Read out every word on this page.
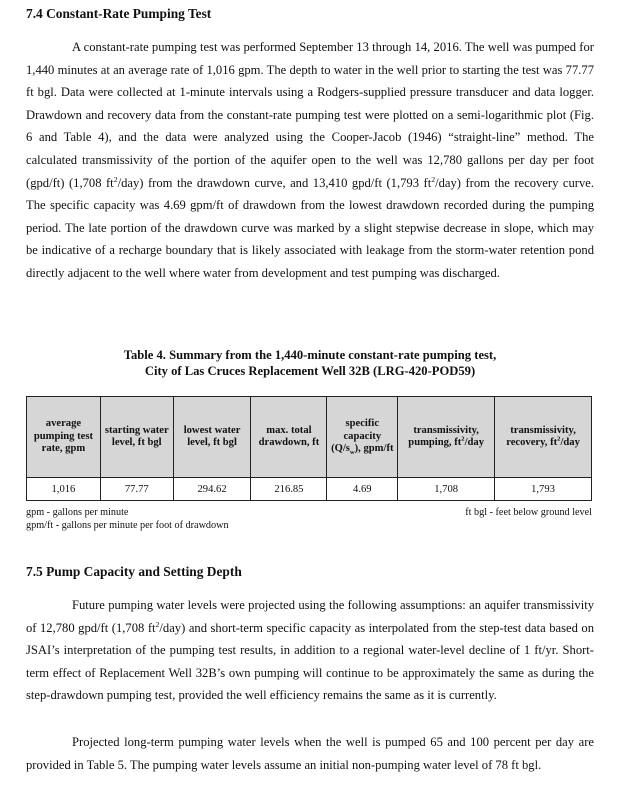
7.4 Constant-Rate Pumping Test

A constant-rate pumping test was performed September 13 through 14, 2016. The well was pumped for 1,440 minutes at an average rate of 1,016 gpm. The depth to water in the well prior to starting the test was 77.77 ft bgl. Data were collected at 1-minute intervals using a Rodgers-supplied pressure transducer and data logger. Drawdown and recovery data from the constant-rate pumping test were plotted on a semi-logarithmic plot (Fig. 6 and Table 4), and the data were analyzed using the Cooper-Jacob (1946) “straight-line” method. The calculated transmissivity of the portion of the aquifer open to the well was 12,780 gallons per day per foot (gpd/ft) (1,708 $ft^2/day$) from the drawdown curve, and 13,410 gpd/ft (1,793 $ft^2/day$) from the recovery curve. The specific capacity was 4.69 gpm/ft of drawdown from the lowest drawdown recorded during the pumping period. The late portion of the drawdown curve was marked by a slight stepwise decrease in slope, which may be indicative of a recharge boundary that is likely associated with leakage from the storm-water retention pond directly adjacent to the well where water from development and test pumping was discharged.

Table 4. Summary from the 1,440-minute constant-rate pumping test,
City of Las Cruces Replacement Well 32B (LRG-420-POD59)
average pumping test rate, gpm	starting water level, ft bgl	lowest water level, ft bgl	max. total drawdown, ft	specific capacity $(Q/s_w)$, gpm/ft	transmissivity, pumping, $ft^2$/day	transmissivity, recovery, $ft^2$/day
1,016	77.77	294.62	216.85	4.69	1,708	1,793
gpm - gallons per minute
gpm/ft - gallons per minute per foot of drawdown
ft bgl - feet below ground level
7.5 Pump Capacity and Setting Depth

Future pumping water levels were projected using the following assumptions: an aquifer transmissivity of 12,780 gpd/ft (1,708 $ft^2/day$) and short-term specific capacity as interpolated from the step-test data based on JSAI’s interpretation of the pumping test results, in addition to a regional water-level decline of 1 ft/yr. Short-term effect of Replacement Well 32B’s own pumping will continue to be approximately the same as during the step-drawdown pumping test, provided the well efficiency remains the same as it is currently.

Projected long-term pumping water levels when the well is pumped 65 and 100 percent per day are provided in Table 5. The pumping water levels assume an initial non-pumping water level of 78 ft bgl.
